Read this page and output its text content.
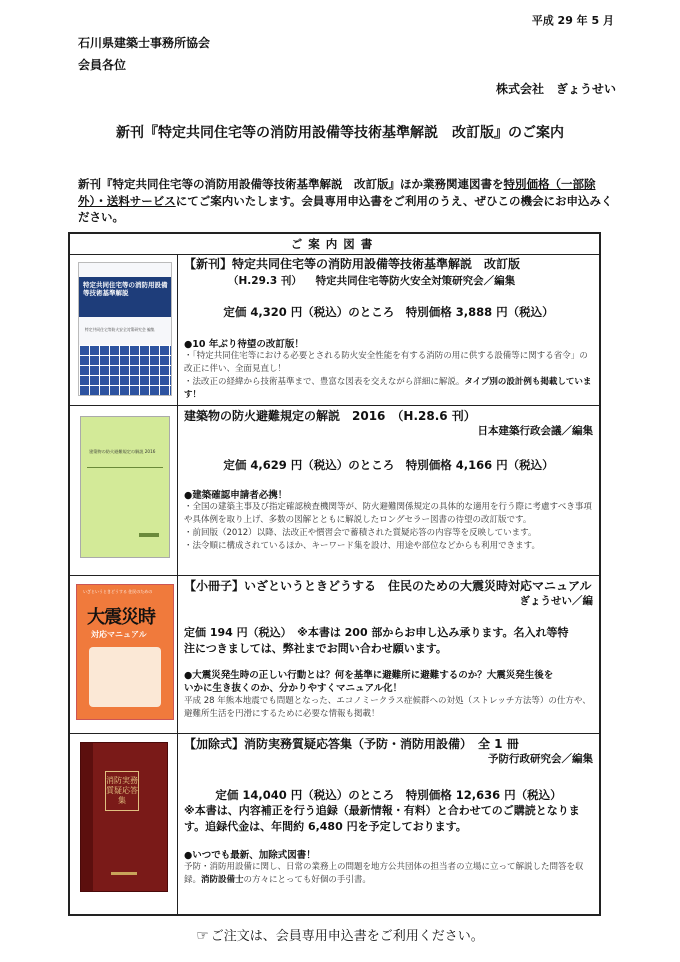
平成 29 年 5 月
石川県建築士事務所協会
会員各位
株式会社　ぎょうせい
新刊『特定共同住宅等の消防用設備等技術基準解説　改訂版』のご案内
新刊『特定共同住宅等の消防用設備等技術基準解説　改訂版』ほか業務関連図書を特別価格（一部除外）・送料サービスにてご案内いたします。会員専用申込書をご利用のうえ、ぜひこの機会にお申込みください。
ご案内図書
特定共同住宅等の消防用設備等技術基準解説
特定共同住宅等防火安全対策研究会 編集
【新刊】特定共同住宅等の消防用設備等技術基準解説　改訂版
（H.29.3 刊） 特定共同住宅等防火安全対策研究会／編集
定価 4,320 円（税込）のところ　特別価格 3,888 円（税込）
●10 年ぶり待望の改訂版！
・「特定共同住宅等における必要とされる防火安全性能を有する消防の用に供する設備等に関する省令」の改正に伴い、全面見直し！
・法改正の経緯から技術基準まで、豊富な図表を交えながら詳細に解説。タイプ別の設計例も掲載しています！
建築物の防火避難規定の解説 2016
建築物の防火避難規定の解説　2016　（H.28.6 刊）
日本建築行政会議／編集
定価 4,629 円（税込）のところ　特別価格 4,166 円（税込）
●建築確認申請者必携！
・全国の建築主事及び指定確認検査機関等が、防火避難関係規定の具体的な適用を行う際に考慮すべき事項や具体例を取り上げ、多数の図解とともに解説したロングセラー図書の待望の改訂版です。
・前回版（2012）以降、法改正や慣習会で蓄積された質疑応答の内容等を反映しています。
・法令順に構成されているほか、キーワード集を設け、用途や部位などからも利用できます。
いざというときどうする 住民のための
大震災時
対応マニュアル
【小冊子】いざというときどうする　住民のための大震災時対応マニュアル
ぎょうせい／編
定価 194 円（税込）　※本書は 200 部からお申し込み承ります。名入れ等特
注につきましては、弊社までお問い合わせ願います。
●大震災発生時の正しい行動とは？何を基準に避難所に避難するのか？大震災発生後を
いかに生き抜くのか、分かりやすくマニュアル化！
平成 28 年熊本地震でも問題となった、エコノミークラス症候群への対処（ストレッチ方法等）の仕方や、避難所生活を円滑にするために必要な情報も掲載！
消防実務質疑応答集
【加除式】消防実務質疑応答集（予防・消防用設備）　全 1 冊
予防行政研究会／編集
定価 14,040 円（税込）のところ　特別価格 12,636 円（税込）
※本書は、内容補正を行う追録（最新情報・有料）と合わせてのご購読となりま
す。追録代金は、年間約 6,480 円を予定しております。
●いつでも最新、加除式図書！
予防・消防用設備に関し、日常の業務上の問題を地方公共団体の担当者の立場に立って解説した問答を収録。消防設備士の方々にとっても好個の手引書。
☞ ご注文は、会員専用申込書をご利用ください。
